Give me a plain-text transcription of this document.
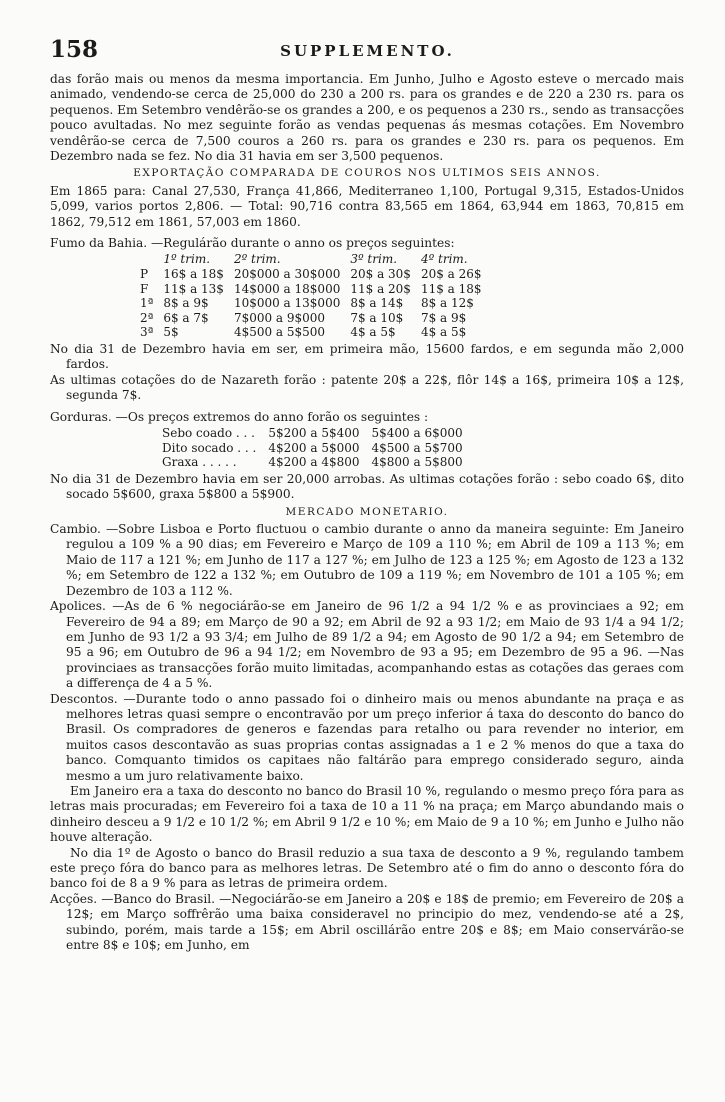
158	SUPPLEMENTO.

das forão mais ou menos da mesma importancia. Em Junho, Julho e Agosto esteve o mercado mais animado, vendendo-se cerca de 25,000 do 230 a 200 rs. para os grandes e de 220 a 230 rs. para os pequenos. Em Setembro vendêrão-se os grandes a 200, e os pequenos a 230 rs., sendo as transacções pouco avultadas. No mez seguinte forão as vendas pequenas ás mesmas cotações. Em Novembro vendêrão-se cerca de 7,500 couros a 260 rs. para os grandes e 230 rs. para os pequenos. Em Dezembro nada se fez. No dia 31 havia em ser 3,500 pequenos.

EXPORTAÇÃO COMPARADA DE COUROS NOS ULTIMOS SEIS ANNOS.

Em 1865 para: Canal 27,530, França 41,866, Mediterraneo 1,100, Portugal 9,315, Estados-Unidos 5,099, varios portos 2,806. — Total: 90,716 contra 83,565 em 1864, 63,944 em 1863, 70,815 em 1862, 79,512 em 1861, 57,003 em 1860.

Fumo da Bahia. —Regulárão durante o anno os preços seguintes:

	1º trim.	2º trim.	3º trim.	4º trim.
P	16$ a 18$	20$000 a 30$000	20$ a 30$	20$ a 26$
F	11$ a 13$	14$000 a 18$000	11$ a 20$	11$ a 18$
1ª	8$ a 9$	10$000 a 13$000	8$ a 14$	8$ a 12$
2ª	6$ a 7$	7$000 a 9$000	7$ a 10$	7$ a 9$
3ª	5$	4$500 a 5$500	4$ a 5$	4$ a 5$

No dia 31 de Dezembro havia em ser, em primeira mão, 15600 fardos, e em segunda mão 2,000 fardos.

As ultimas cotações do de Nazareth forão : patente 20$ a 22$, flôr 14$ a 16$, primeira 10$ a 12$, segunda 7$.

Gorduras. —Os preços extremos do anno forão os seguintes :

Sebo coado . . .	5$200 a 5$400	5$400 a 6$000
Dito socado . . .	4$200 a 5$000	4$500 a 5$700
Graxa . . . . .	4$200 a 4$800	4$800 a 5$800

No dia 31 de Dezembro havia em ser 20,000 arrobas. As ultimas cotações forão : sebo coado 6$, dito socado 5$600, graxa 5$800 a 5$900.

MERCADO MONETARIO.

Cambio. —Sobre Lisboa e Porto fluctuou o cambio durante o anno da maneira seguinte: Em Janeiro regulou a 109 % a 90 dias; em Fevereiro e Março de 109 a 110 %; em Abril de 109 a 113 %; em Maio de 117 a 121 %; em Junho de 117 a 127 %; em Julho de 123 a 125 %; em Agosto de 123 a 132 %; em Setembro de 122 a 132 %; em Outubro de 109 a 119 %; em Novembro de 101 a 105 %; em Dezembro de 103 a 112 %.

Apolices. —As de 6 % negociárão-se em Janeiro de 96 1/2 a 94 1/2 % e as provinciaes a 92; em Fevereiro de 94 a 89; em Março de 90 a 92; em Abril de 92 a 93 1/2; em Maio de 93 1/4 a 94 1/2; em Junho de 93 1/2 a 93 3/4; em Julho de 89 1/2 a 94; em Agosto de 90 1/2 a 94; em Setembro de 95 a 96; em Outubro de 96 a 94 1/2; em Novembro de 93 a 95; em Dezembro de 95 a 96. —Nas provinciaes as transacções forão muito limitadas, acompanhando estas as cotações das geraes com a differença de 4 a 5 %.

Descontos. —Durante todo o anno passado foi o dinheiro mais ou menos abundante na praça e as melhores letras quasi sempre o encontravão por um preço inferior á taxa do desconto do banco do Brasil. Os compradores de generos e fazendas para retalho ou para revender no interior, em muitos casos descontavão as suas proprias contas assignadas a 1 e 2 % menos do que a taxa do banco. Comquanto timidos os capitaes não faltárão para emprego considerado seguro, ainda mesmo a um juro relativamente baixo.

Em Janeiro era a taxa do desconto no banco do Brasil 10 %, regulando o mesmo preço fóra para as letras mais procuradas; em Fevereiro foi a taxa de 10 a 11 % na praça; em Março abundando mais o dinheiro desceu a 9 1/2 e 10 1/2 %; em Abril 9 1/2 e 10 %; em Maio de 9 a 10 %; em Junho e Julho não houve alteração.

No dia 1º de Agosto o banco do Brasil reduzio a sua taxa de desconto a 9 %, regulando tambem este preço fóra do banco para as melhores letras. De Setembro até o fim do anno o desconto fóra do banco foi de 8 a 9 % para as letras de primeira ordem.

Acções. —Banco do Brasil. —Negociárão-se em Janeiro a 20$ e 18$ de premio; em Fevereiro de 20$ a 12$; em Março soffrêrão uma baixa consideravel no principio do mez, vendendo-se até a 2$, subindo, porém, mais tarde a 15$; em Abril oscillárão entre 20$ e 8$; em Maio conservárão-se entre 8$ e 10$; em Junho, em
